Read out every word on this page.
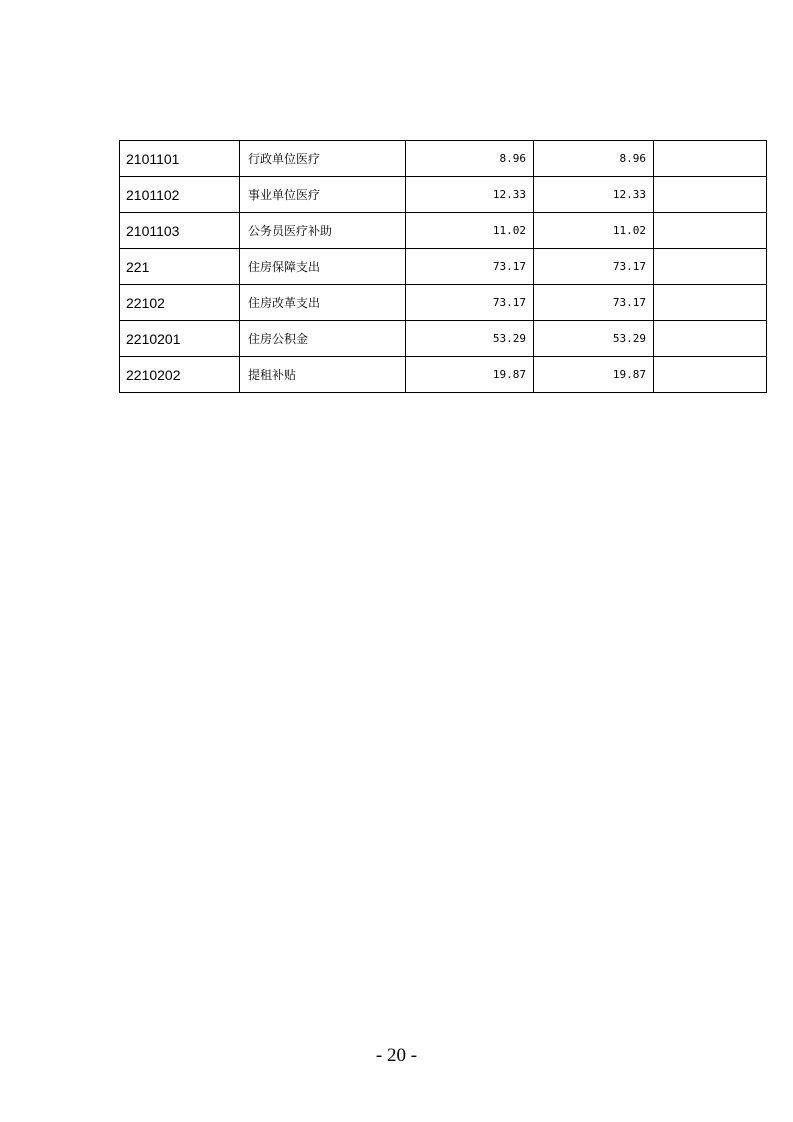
2101101	行政单位医疗	8.96	8.96	
2101102	事业单位医疗	12.33	12.33	
2101103	公务员医疗补助	11.02	11.02	
221	住房保障支出	73.17	73.17	
22102	住房改革支出	73.17	73.17	
2210201	住房公积金	53.29	53.29	
2210202	提租补贴	19.87	19.87	
- 20 -
